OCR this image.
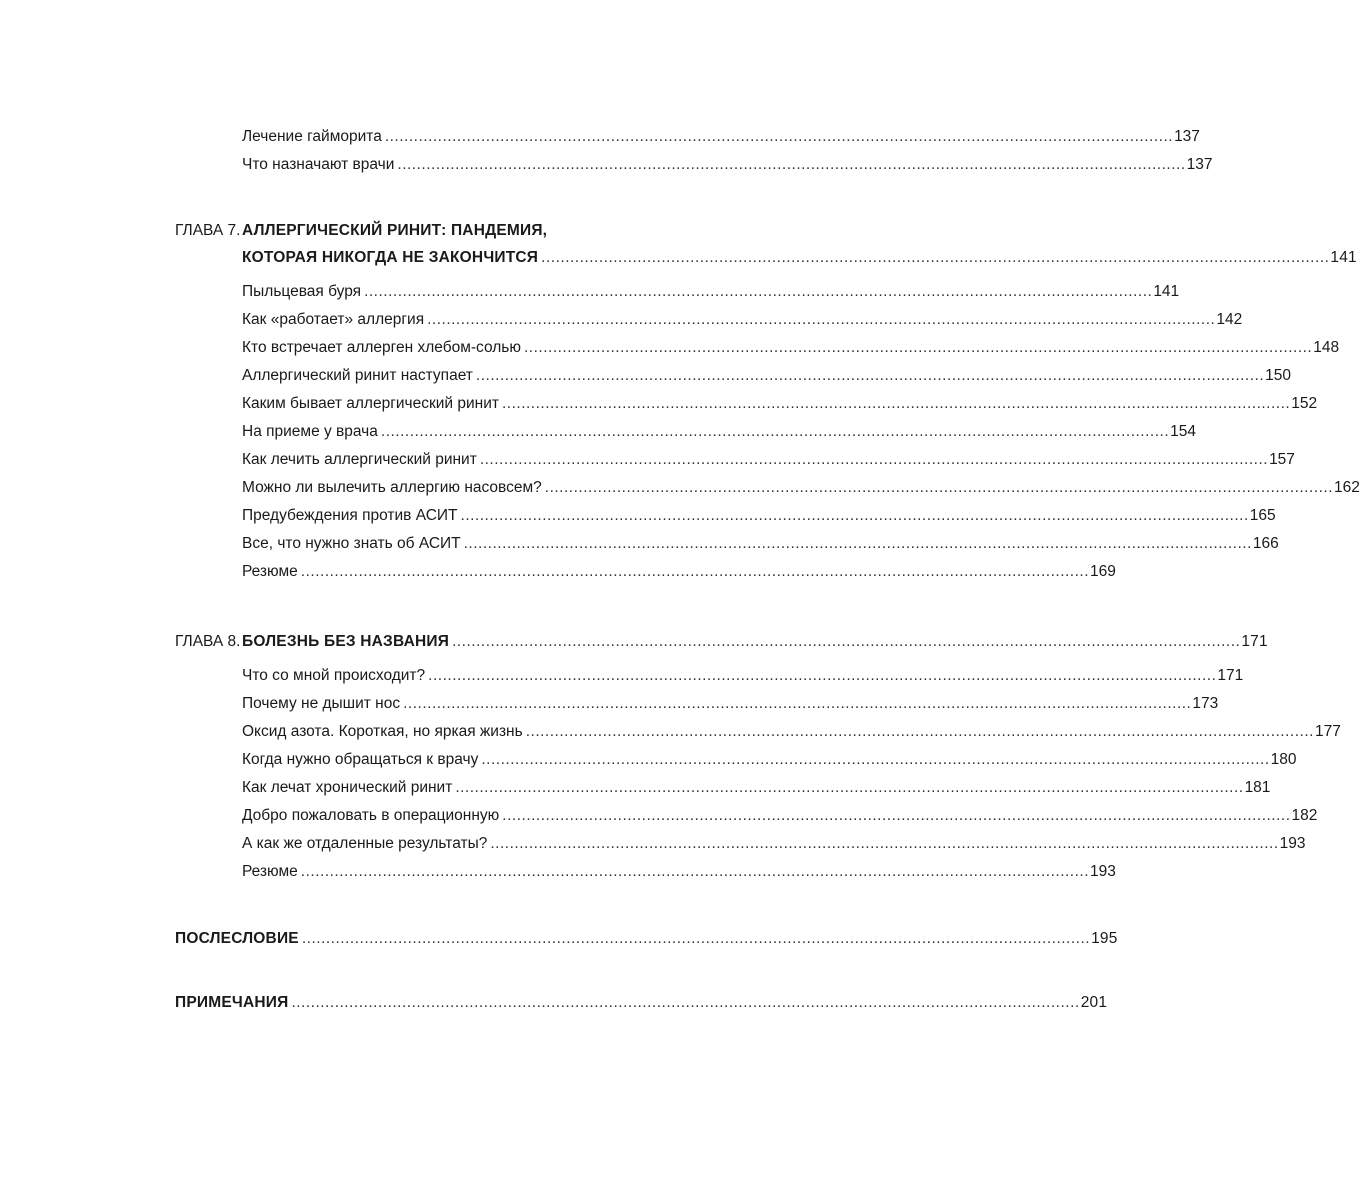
Лечение гайморита .................................................................................................................................................................... 137
Что назначают врачи .................................................................................................................................................................... 137
ГЛАВА 7. АЛЛЕРГИЧЕСКИЙ РИНИТ: ПАНДЕМИЯ,
КОТОРАЯ НИКОГДА НЕ ЗАКОНЧИТСЯ .................................................................................................................................................................... 141
Пыльцевая буря .................................................................................................................................................................... 141
Как «работает» аллергия .................................................................................................................................................................... 142
Кто встречает аллерген хлебом-солью .................................................................................................................................................................... 148
Аллергический ринит наступает .................................................................................................................................................................... 150
Каким бывает аллергический ринит .................................................................................................................................................................... 152
На приеме у врача .................................................................................................................................................................... 154
Как лечить аллергический ринит .................................................................................................................................................................... 157
Можно ли вылечить аллергию насовсем? .................................................................................................................................................................... 162
Предубеждения против АСИТ .................................................................................................................................................................... 165
Все, что нужно знать об АСИТ .................................................................................................................................................................... 166
Резюме .................................................................................................................................................................... 169
ГЛАВА 8. БОЛЕЗНЬ БЕЗ НАЗВАНИЯ .................................................................................................................................................................... 171
Что со мной происходит? .................................................................................................................................................................... 171
Почему не дышит нос .................................................................................................................................................................... 173
Оксид азота. Короткая, но яркая жизнь .................................................................................................................................................................... 177
Когда нужно обращаться к врачу .................................................................................................................................................................... 180
Как лечат хронический ринит .................................................................................................................................................................... 181
Добро пожаловать в операционную .................................................................................................................................................................... 182
А как же отдаленные результаты? .................................................................................................................................................................... 193
Резюме .................................................................................................................................................................... 193
ПОСЛЕСЛОВИЕ .................................................................................................................................................................... 195
ПРИМЕЧАНИЯ .................................................................................................................................................................... 201
